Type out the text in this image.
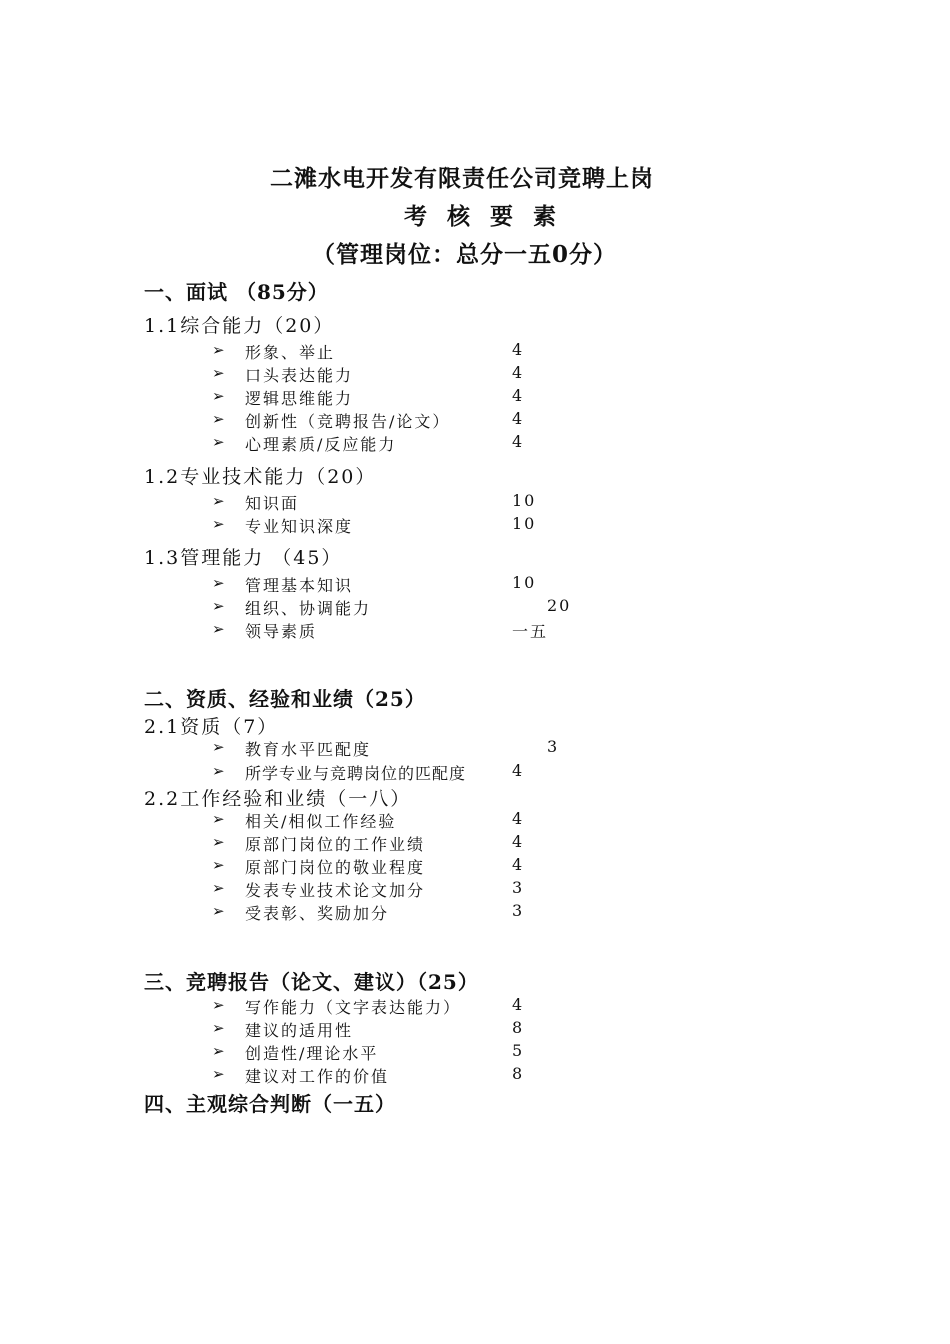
二滩水电开发有限责任公司竞聘上岗
考 核 要 素
（管理岗位：总分一五0分）
一、面试 （85分）
1.1综合能力（20）
➢ 形象、举止	4
➢ 口头表达能力	4
➢ 逻辑思维能力	4
➢ 创新性（竞聘报告/论文）	4
➢ 心理素质/反应能力	4
1.2专业技术能力（20）
➢ 知识面	10
➢ 专业知识深度	10
1.3管理能力 （45）
➢ 管理基本知识	10
➢ 组织、协调能力	20
➢ 领导素质	一五
二、资质、经验和业绩（25）
2.1资质（7）
➢ 教育水平匹配度	3
➢ 所学专业与竞聘岗位的匹配度	4
2.2工作经验和业绩（一八）
➢ 相关/相似工作经验	4
➢ 原部门岗位的工作业绩	4
➢ 原部门岗位的敬业程度	4
➢ 发表专业技术论文加分	3
➢ 受表彰、奖励加分	3
三、竞聘报告（论文、建议）（25）
➢ 写作能力（文字表达能力）	4
➢ 建议的适用性	8
➢ 创造性/理论水平	5
➢ 建议对工作的价值	8
四、主观综合判断（一五）
